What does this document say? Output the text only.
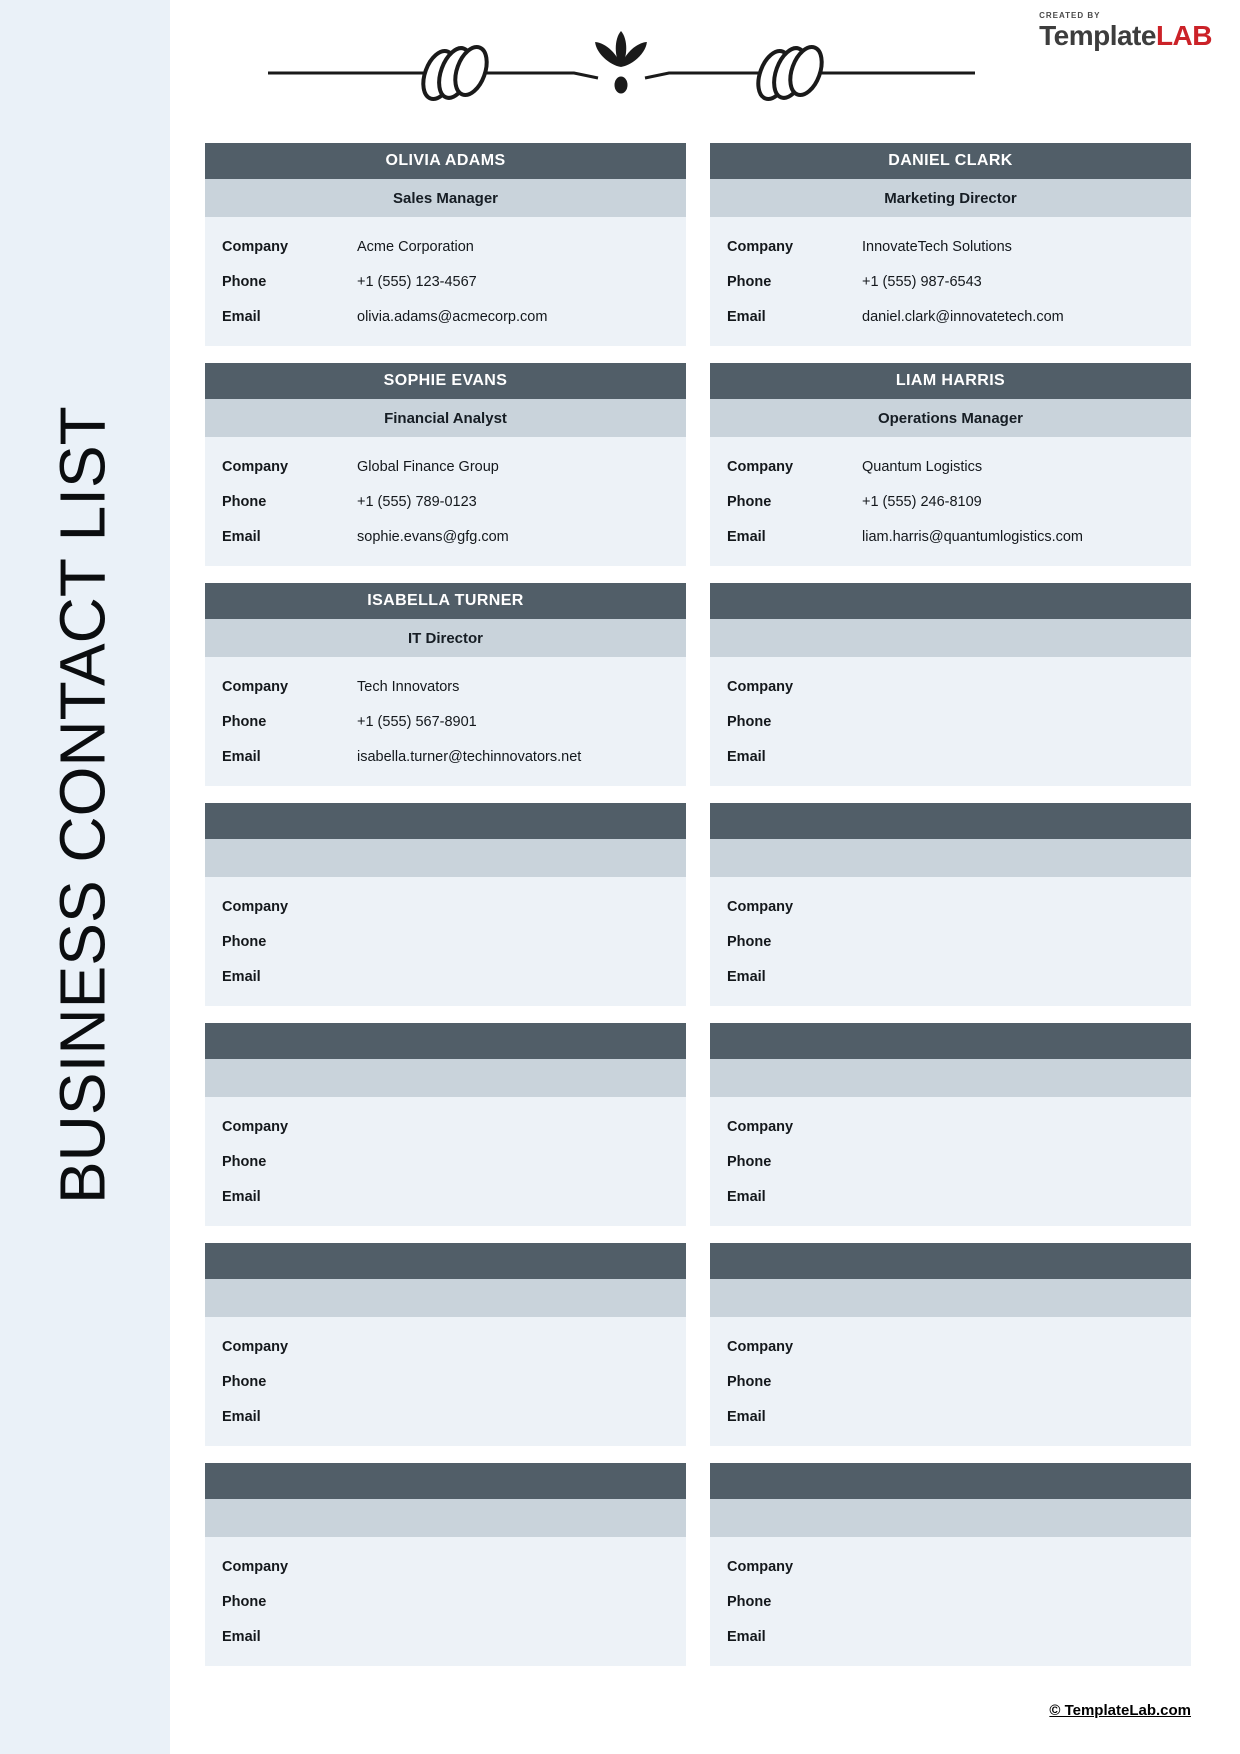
BUSINESS CONTACT LIST
CREATED BY
TemplateLAB
OLIVIA ADAMS
Sales Manager
Company	Acme Corporation
Phone	+1 (555) 123-4567
Email	olivia.adams@acmecorp.com
DANIEL CLARK
Marketing Director
Company	InnovateTech Solutions
Phone	+1 (555) 987-6543
Email	daniel.clark@innovatetech.com
SOPHIE EVANS
Financial Analyst
Company	Global Finance Group
Phone	+1 (555) 789-0123
Email	sophie.evans@gfg.com
LIAM HARRIS
Operations Manager
Company	Quantum Logistics
Phone	+1 (555) 246-8109
Email	liam.harris@quantumlogistics.com
ISABELLA TURNER
IT Director
Company	Tech Innovators
Phone	+1 (555) 567-8901
Email	isabella.turner@techinnovators.net
Company
Phone
Email
Company
Phone
Email
Company
Phone
Email
Company
Phone
Email
Company
Phone
Email
Company
Phone
Email
Company
Phone
Email
Company
Phone
Email
Company
Phone
Email
© TemplateLab.com
